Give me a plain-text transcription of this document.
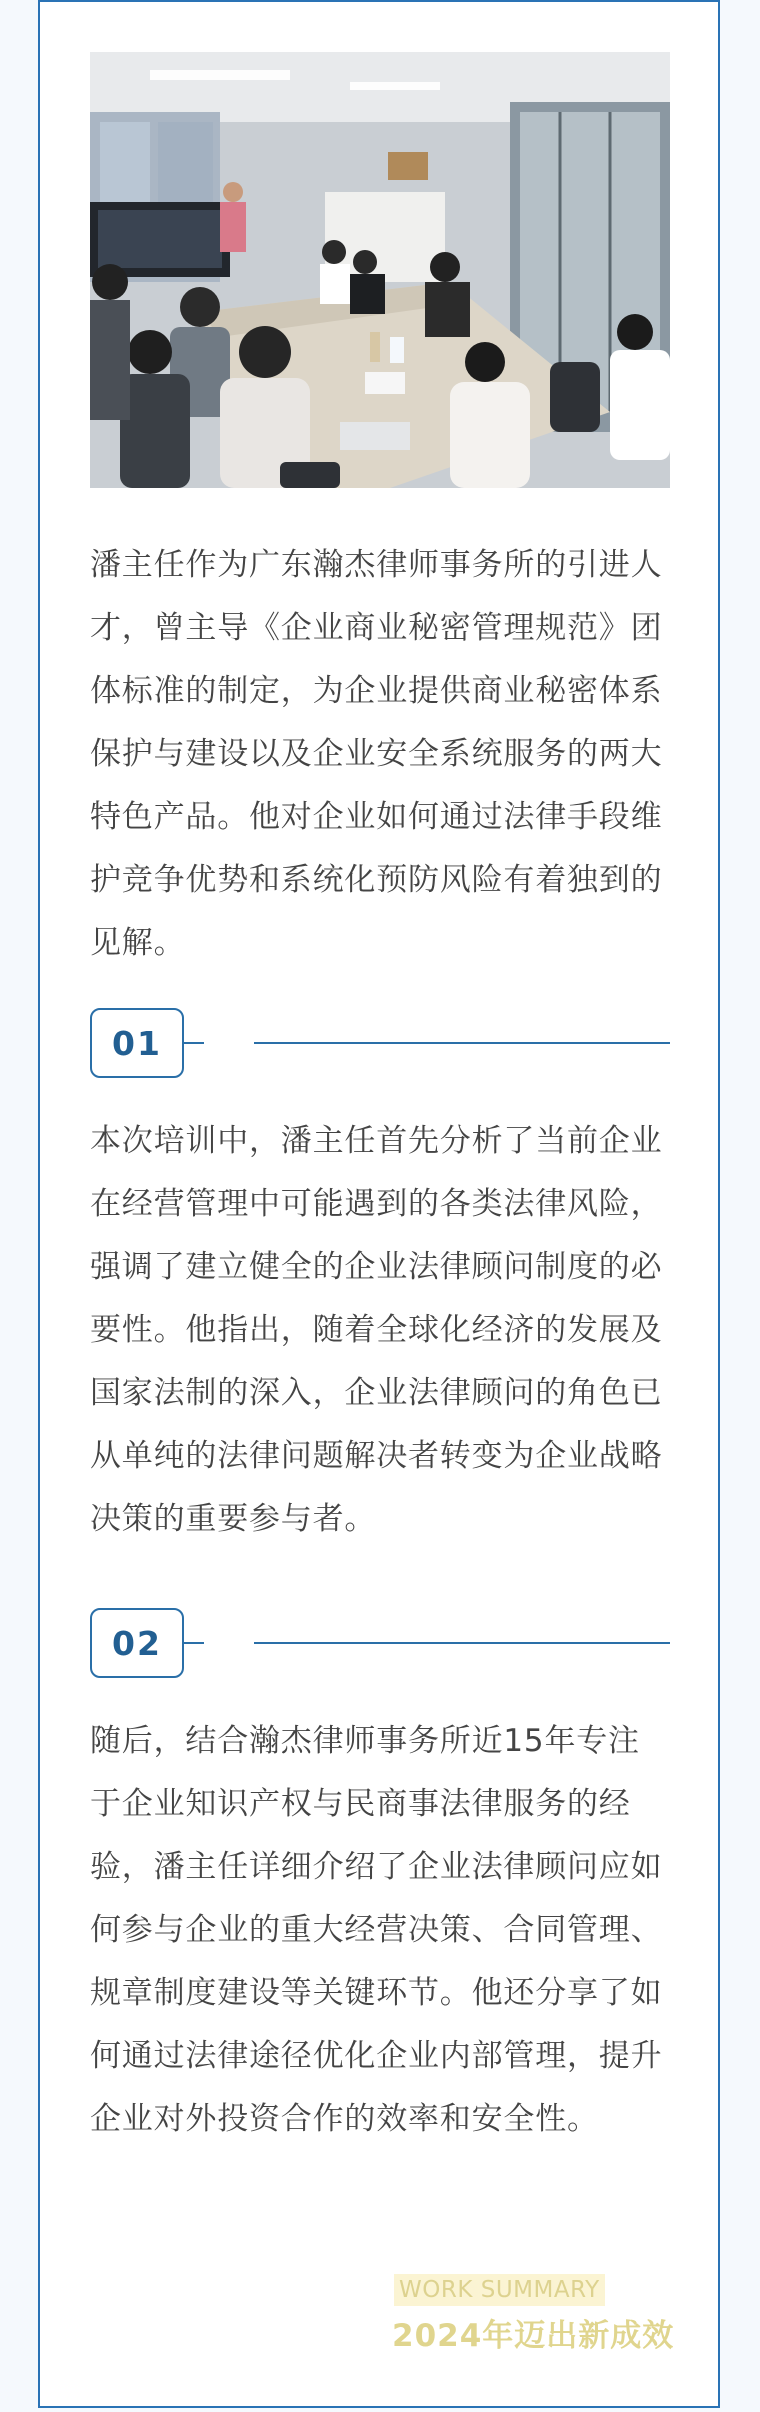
潘主任作为广东瀚杰律师事务所的引进人才，曾主导《企业商业秘密管理规范》团体标准的制定，为企业提供商业秘密体系保护与建设以及企业安全系统服务的两大特色产品。他对企业如何通过法律手段维护竞争优势和系统化预防风险有着独到的见解。

01

本次培训中，潘主任首先分析了当前企业在经营管理中可能遇到的各类法律风险，强调了建立健全的企业法律顾问制度的必要性。他指出，随着全球化经济的发展及国家法制的深入，企业法律顾问的角色已从单纯的法律问题解决者转变为企业战略决策的重要参与者。

02

随后，结合瀚杰律师事务所近15年专注于企业知识产权与民商事法律服务的经验，潘主任详细介绍了企业法律顾问应如何参与企业的重大经营决策、合同管理、规章制度建设等关键环节。他还分享了如何通过法律途径优化企业内部管理，提升企业对外投资合作的效率和安全性。

WORK SUMMARY
2024年迈出新成效
